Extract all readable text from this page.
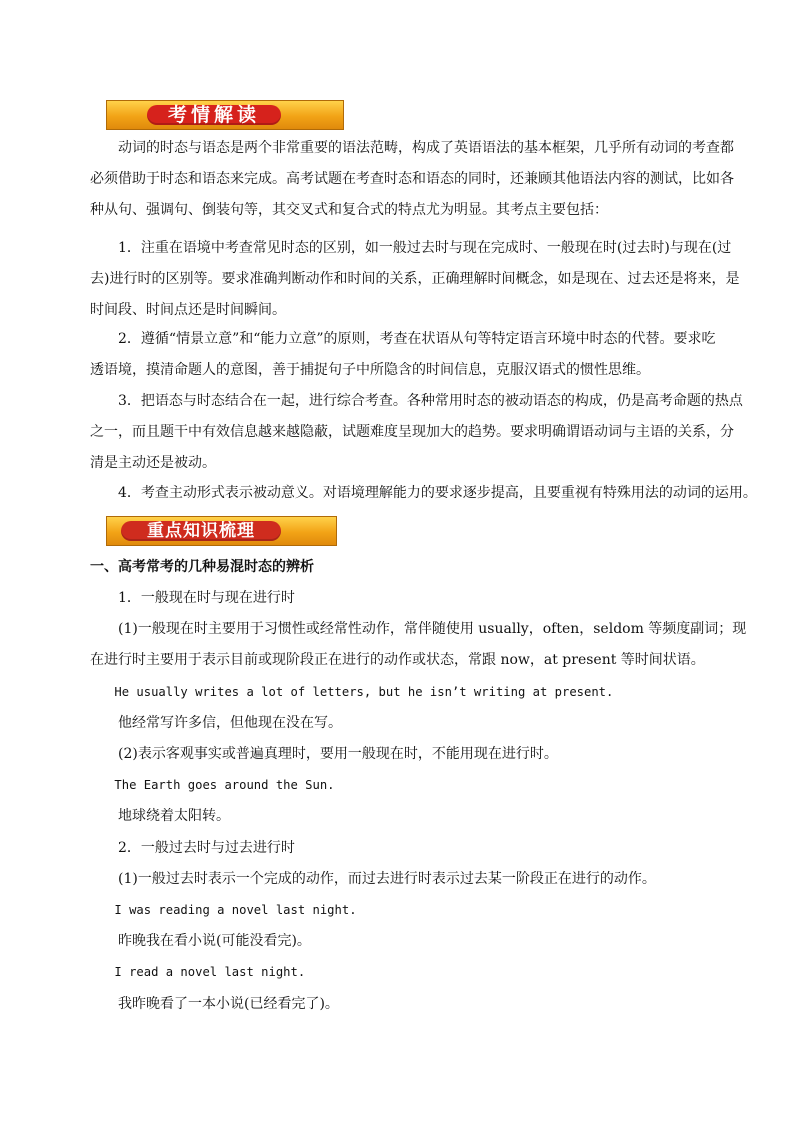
考情解读
动词的时态与语态是两个非常重要的语法范畴，构成了英语语法的基本框架，几乎所有动词的考查都
必须借助于时态和语态来完成。高考试题在考查时态和语态的同时，还兼顾其他语法内容的测试，比如各
种从句、强调句、倒装句等，其交叉式和复合式的特点尤为明显。其考点主要包括：
1．注重在语境中考查常见时态的区别，如一般过去时与现在完成时、一般现在时(过去时)与现在(过
去)进行时的区别等。要求准确判断动作和时间的关系，正确理解时间概念，如是现在、过去还是将来，是
时间段、时间点还是时间瞬间。
2．遵循“情景立意”和“能力立意”的原则，考查在状语从句等特定语言环境中时态的代替。要求吃
透语境，摸清命题人的意图，善于捕捉句子中所隐含的时间信息，克服汉语式的惯性思维。
3．把语态与时态结合在一起，进行综合考查。各种常用时态的被动语态的构成，仍是高考命题的热点
之一，而且题干中有效信息越来越隐蔽，试题难度呈现加大的趋势。要求明确谓语动词与主语的关系，分
清是主动还是被动。
4．考查主动形式表示被动意义。对语境理解能力的要求逐步提高，且要重视有特殊用法的动词的运用。
重点知识梳理
一、高考常考的几种易混时态的辨析
1．一般现在时与现在进行时
(1)一般现在时主要用于习惯性或经常性动作，常伴随使用 usually，often，seldom 等频度副词；现
在进行时主要用于表示目前或现阶段正在进行的动作或状态，常跟 now，at present 等时间状语。
He usually writes a lot of letters, but he isn’t writing at present.
他经常写许多信，但他现在没在写。
(2)表示客观事实或普遍真理时，要用一般现在时，不能用现在进行时。
The Earth goes around the Sun.
地球绕着太阳转。
2．一般过去时与过去进行时
(1)一般过去时表示一个完成的动作，而过去进行时表示过去某一阶段正在进行的动作。
I was reading a novel last night.
昨晚我在看小说(可能没看完)。
I read a novel last night.
我昨晚看了一本小说(已经看完了)。
